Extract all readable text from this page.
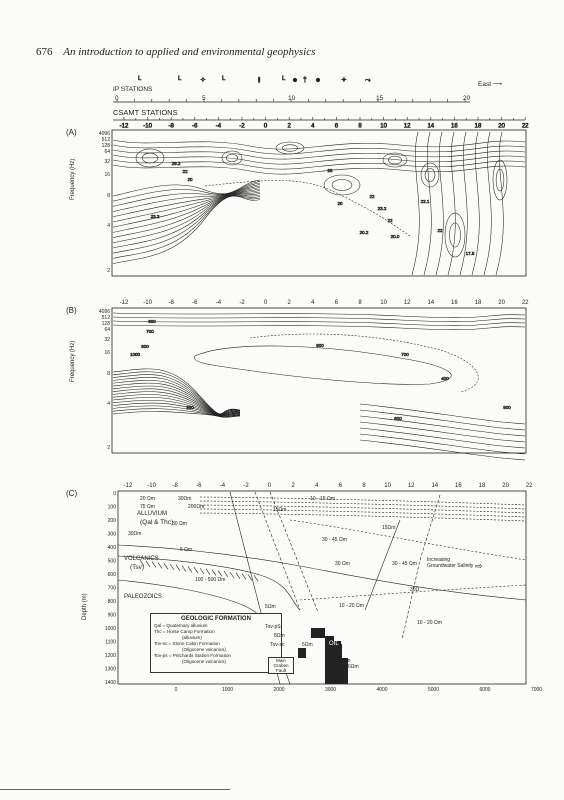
676 An introduction to applied and environmental geophysics
IP STATIONS
East ⟶
0	5	10	15	20
CSAMT STATIONS
(A)
(B)
(C)
Frequency (Hz)
Frequency (Hz)
Depth (m)
L	L	✧	L	⫲	L	†	✦	⤳
-12 -10	-8	-6	-4	-2	0	2	4	6	8	10	12	14	16	18	20	22
4096
512
128
64
32
16
8
4
2
29.2
22
20
23.2
22
20
22
23.2
22
20.2
20.0
22.1
22
17.5
-12 -10	-8	-6	-4	-2	0	2	4	6	8	10	12	14	16	18	20	22
4096
512
128
64
32
16
8
4
2
600
700
900
1000
900
700
400
200
600
900
-12 -10	-8	-6	-4	-2	0	2	4	6	8	10	12	14	16	18	20	22
0
100
200
300
400
500
600
700
800
900
1000
1100
1200
1300
1400
0	1000	2000	3000	4000	5000	6000	7000
GEOLOGIC FORMATION
Qal = Quaternary alluvium
Thc = Horse Camp Formation
(alluvium)
Tov-sc = Stone Cabin Formation
(Oligocene volcanics)
Tov-ps = Pritchards Station Formation
(Oligocene volcanics)
ALLUVIUM
(Qal & Thc)
VOLCANICS
(Tsv)
PALEOZOICS
Increasing Groundwater Salinity ⇨
Main Graben Fault
OIL
20 Ωm	30Ωm
75 Ωm	200Ωm
30 Ωm
30Ωm
10 - 15 Ωm
15Ωm
15Ωm
30 - 45 Ωm
30 Ωm	30 - 45 Ωm
30Ω
10 - 20 Ωm
10 - 20 Ωm
100 - 500 Ωm
5 Ωm
5Ωm
8Ωm
5Ωm
15Ωm
6Ωm
Tov-pS
Tov-sc
Tov
